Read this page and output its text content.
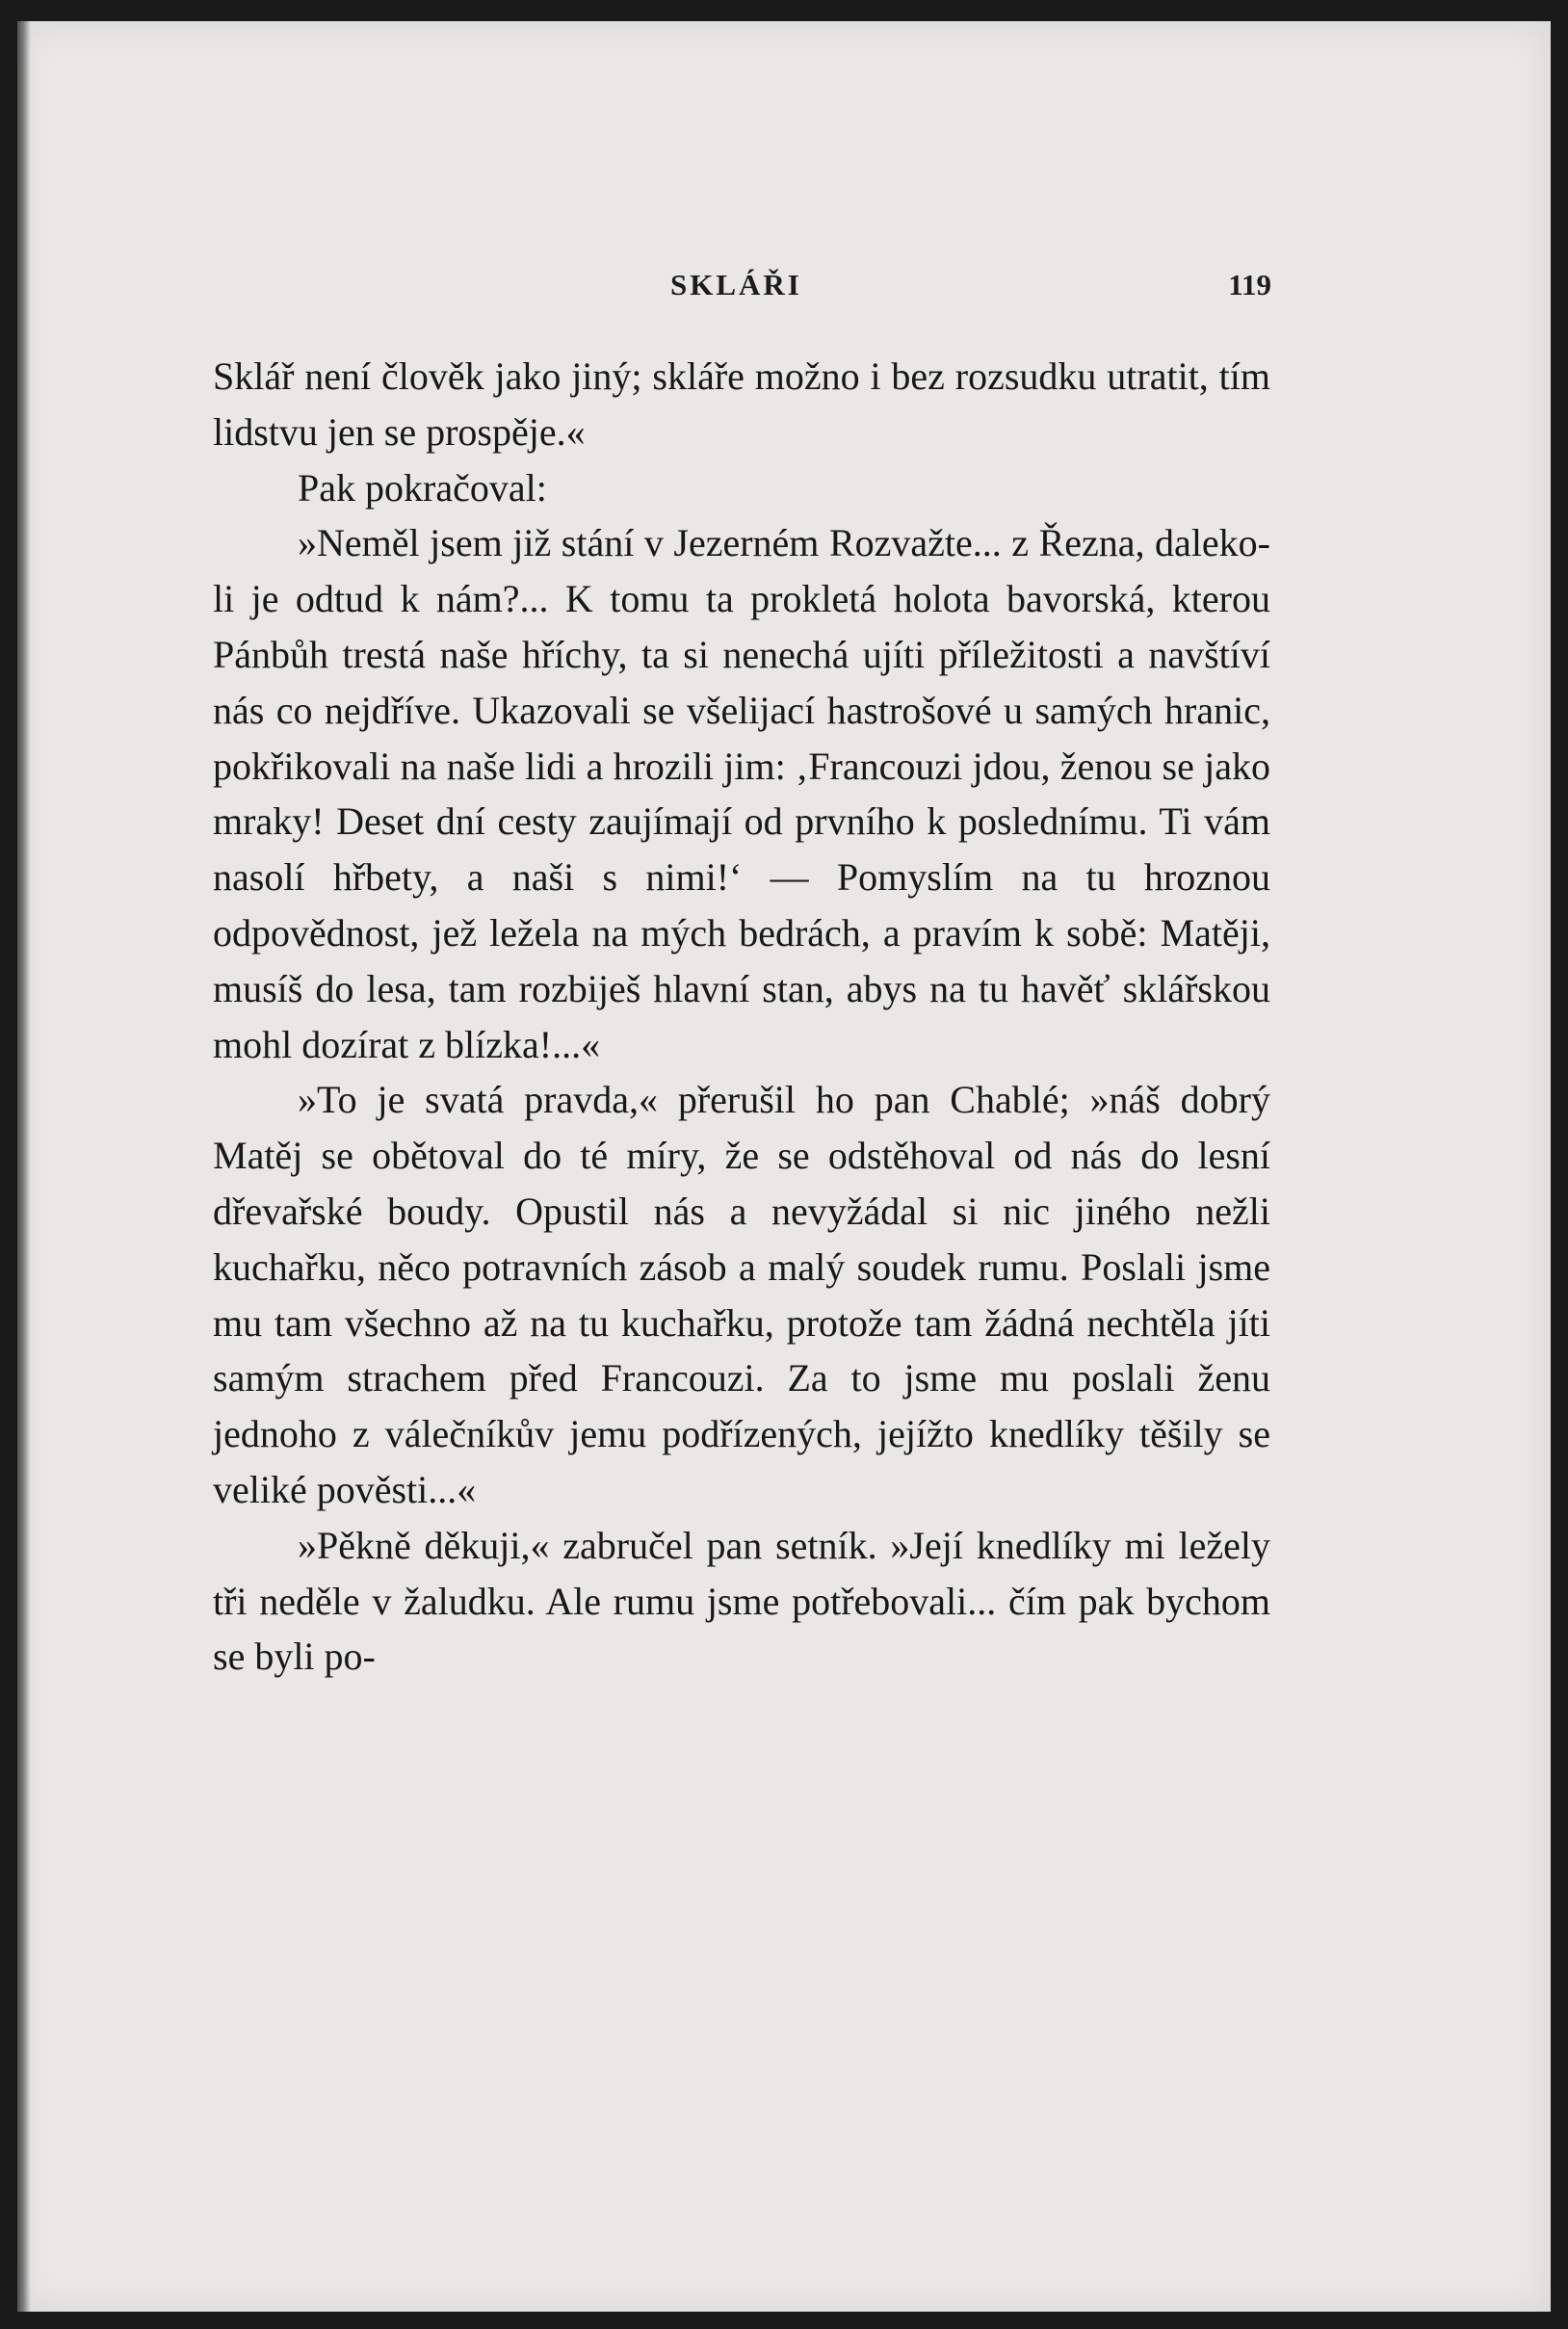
SKLÁŘI	119

Sklář není člověk jako jiný; skláře možno i bez rozsudku utratit, tím lidstvu jen se prospěje.«

Pak pokračoval:

»Neměl jsem již stání v Jezerném Rozvažte... z Řezna, daleko-li je odtud k nám?... K tomu ta prokletá holota bavorská, kterou Pánbůh trestá naše hříchy, ta si nenechá ujíti příležitosti a navštíví nás co nejdříve. Ukazovali se všelijací hastrošové u samých hranic, pokřikovali na naše lidi a hrozili jim: ‚Francouzi jdou, ženou se jako mraky! Deset dní cesty zaujímají od prvního k poslednímu. Ti vám nasolí hřbety, a naši s nimi!‘ — Pomyslím na tu hroznou odpovědnost, jež ležela na mých bedrách, a pravím k sobě: Matěji, musíš do lesa, tam rozbiješ hlavní stan, abys na tu havěť sklářskou mohl dozírat z blízka!...«

»To je svatá pravda,« přerušil ho pan Chablé; »náš dobrý Matěj se obětoval do té míry, že se odstěhoval od nás do lesní dřevařské boudy. Opustil nás a nevyžádal si nic jiného nežli kuchařku, něco potravních zásob a malý soudek rumu. Poslali jsme mu tam všechno až na tu kuchařku, protože tam žádná nechtěla jíti samým strachem před Francouzi. Za to jsme mu poslali ženu jednoho z válečníkův jemu podřízených, jejížto knedlíky těšily se veliké pověsti...«

»Pěkně děkuji,« zabručel pan setník. »Její knedlíky mi ležely tři neděle v žaludku. Ale rumu jsme potřebovali... čím pak bychom se byli po-
